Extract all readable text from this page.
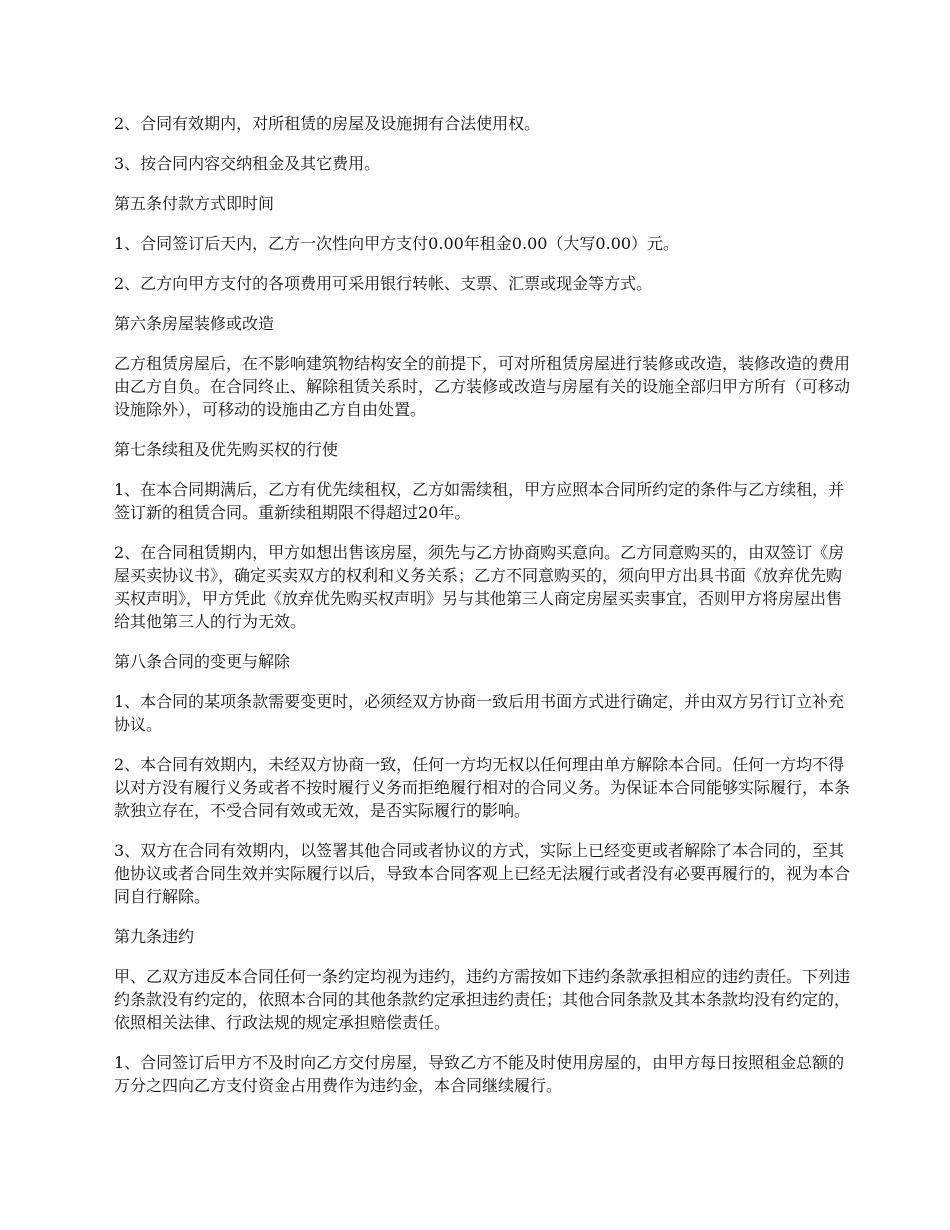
2、合同有效期内，对所租赁的房屋及设施拥有合法使用权。

3、按合同内容交纳租金及其它费用。

第五条付款方式即时间

1、合同签订后天内，乙方一次性向甲方支付0.00年租金0.00（大写0.00）元。

2、乙方向甲方支付的各项费用可采用银行转帐、支票、汇票或现金等方式。

第六条房屋装修或改造

乙方租赁房屋后，在不影响建筑物结构安全的前提下，可对所租赁房屋进行装修或改造，装修改造的费用由乙方自负。在合同终止、解除租赁关系时，乙方装修或改造与房屋有关的设施全部归甲方所有（可移动设施除外），可移动的设施由乙方自由处置。

第七条续租及优先购买权的行使

1、在本合同期满后，乙方有优先续租权，乙方如需续租，甲方应照本合同所约定的条件与乙方续租，并签订新的租赁合同。重新续租期限不得超过20年。

2、在合同租赁期内，甲方如想出售该房屋，须先与乙方协商购买意向。乙方同意购买的，由双签订《房屋买卖协议书》，确定买卖双方的权利和义务关系；乙方不同意购买的，须向甲方出具书面《放弃优先购买权声明》，甲方凭此《放弃优先购买权声明》另与其他第三人商定房屋买卖事宜，否则甲方将房屋出售给其他第三人的行为无效。

第八条合同的变更与解除

1、本合同的某项条款需要变更时，必须经双方协商一致后用书面方式进行确定，并由双方另行订立补充协议。

2、本合同有效期内，未经双方协商一致，任何一方均无权以任何理由单方解除本合同。任何一方均不得以对方没有履行义务或者不按时履行义务而拒绝履行相对的合同义务。为保证本合同能够实际履行，本条款独立存在，不受合同有效或无效，是否实际履行的影响。

3、双方在合同有效期内，以签署其他合同或者协议的方式，实际上已经变更或者解除了本合同的，至其他协议或者合同生效并实际履行以后，导致本合同客观上已经无法履行或者没有必要再履行的，视为本合同自行解除。

第九条违约

甲、乙双方违反本合同任何一条约定均视为违约，违约方需按如下违约条款承担相应的违约责任。下列违约条款没有约定的，依照本合同的其他条款约定承担违约责任；其他合同条款及其本条款均没有约定的，依照相关法律、行政法规的规定承担赔偿责任。

1、合同签订后甲方不及时向乙方交付房屋，导致乙方不能及时使用房屋的，由甲方每日按照租金总额的万分之四向乙方支付资金占用费作为违约金，本合同继续履行。
